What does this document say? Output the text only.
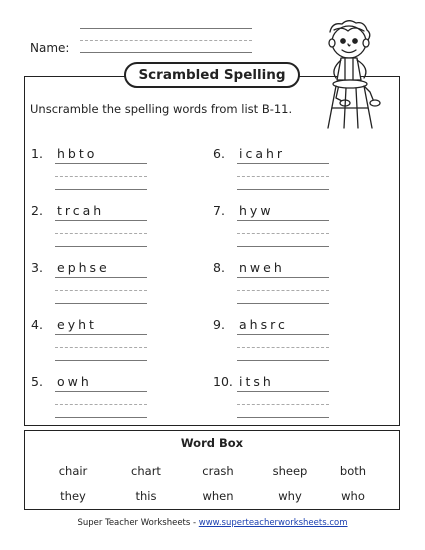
Name:
Scrambled Spelling
Unscramble the spelling words from list B-11.
1. hbto
2. trcah
3. ephse
4. eyht
5. owh
6. icahr
7. hyw
8. nweh
9. ahsrc
10. itsh
Word Box
chair	chart	crash	sheep	both
they	this	when	why	who
Super Teacher Worksheets - www.superteacherworksheets.com
